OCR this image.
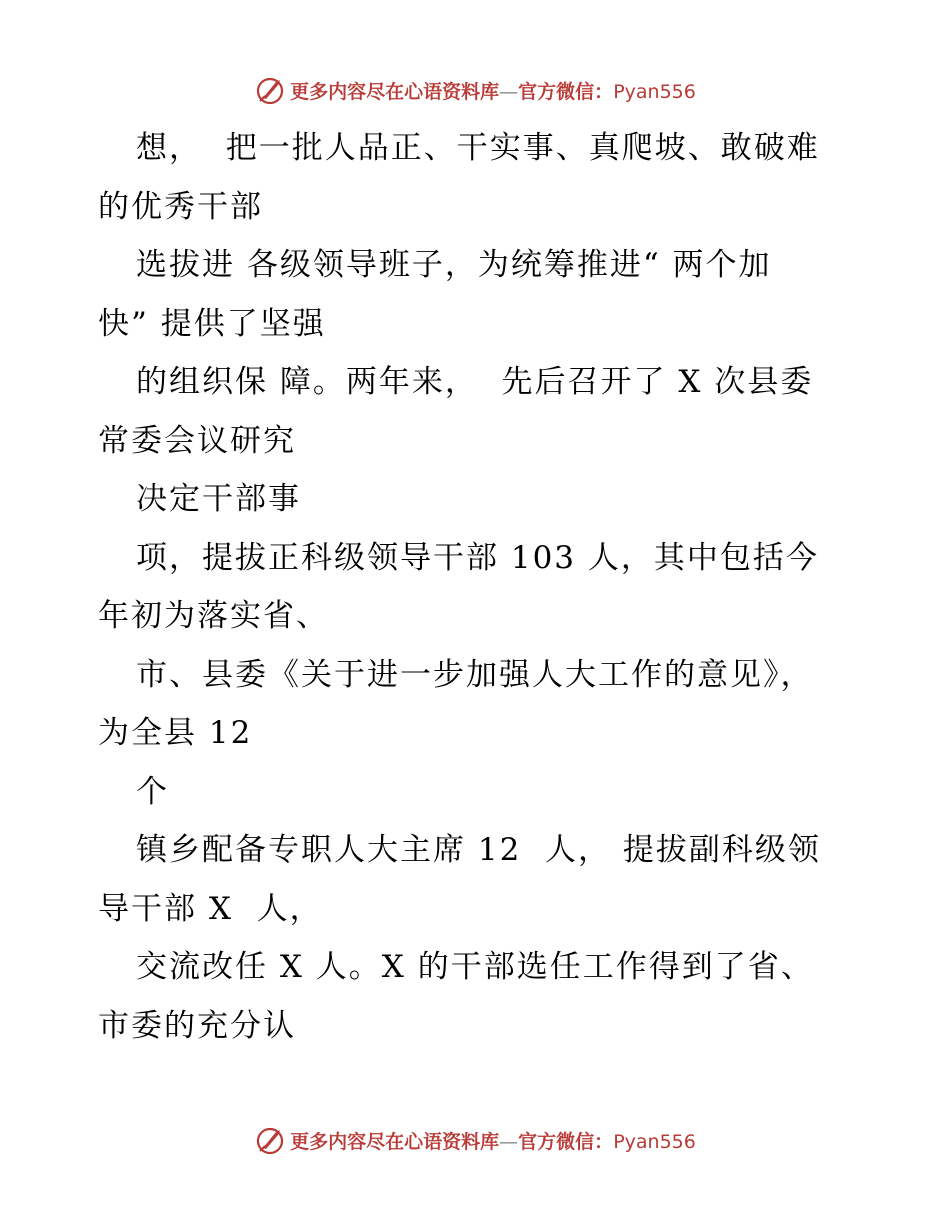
更多内容尽在心语资料库—官方微信：Pyan556
想，  把一批人品正、干实事、真爬坡、敢破难
的优秀干部
选拔进 各级领导班子，为统筹推进“ 两个加
快” 提供了坚强
的组织保 障。两年来，  先后召开了 X 次县委
常委会议研究
决定干部事
项，提拔正科级领导干部 103 人，其中包括今
年初为落实省、
市、县委《关于进一步加强人大工作的意见》，
为全县 12
个
镇乡配备专职人大主席 12  人， 提拔副科级领
导干部 X  人，
交流改任 X 人。X 的干部选任工作得到了省、
市委的充分认
更多内容尽在心语资料库—官方微信：Pyan556
